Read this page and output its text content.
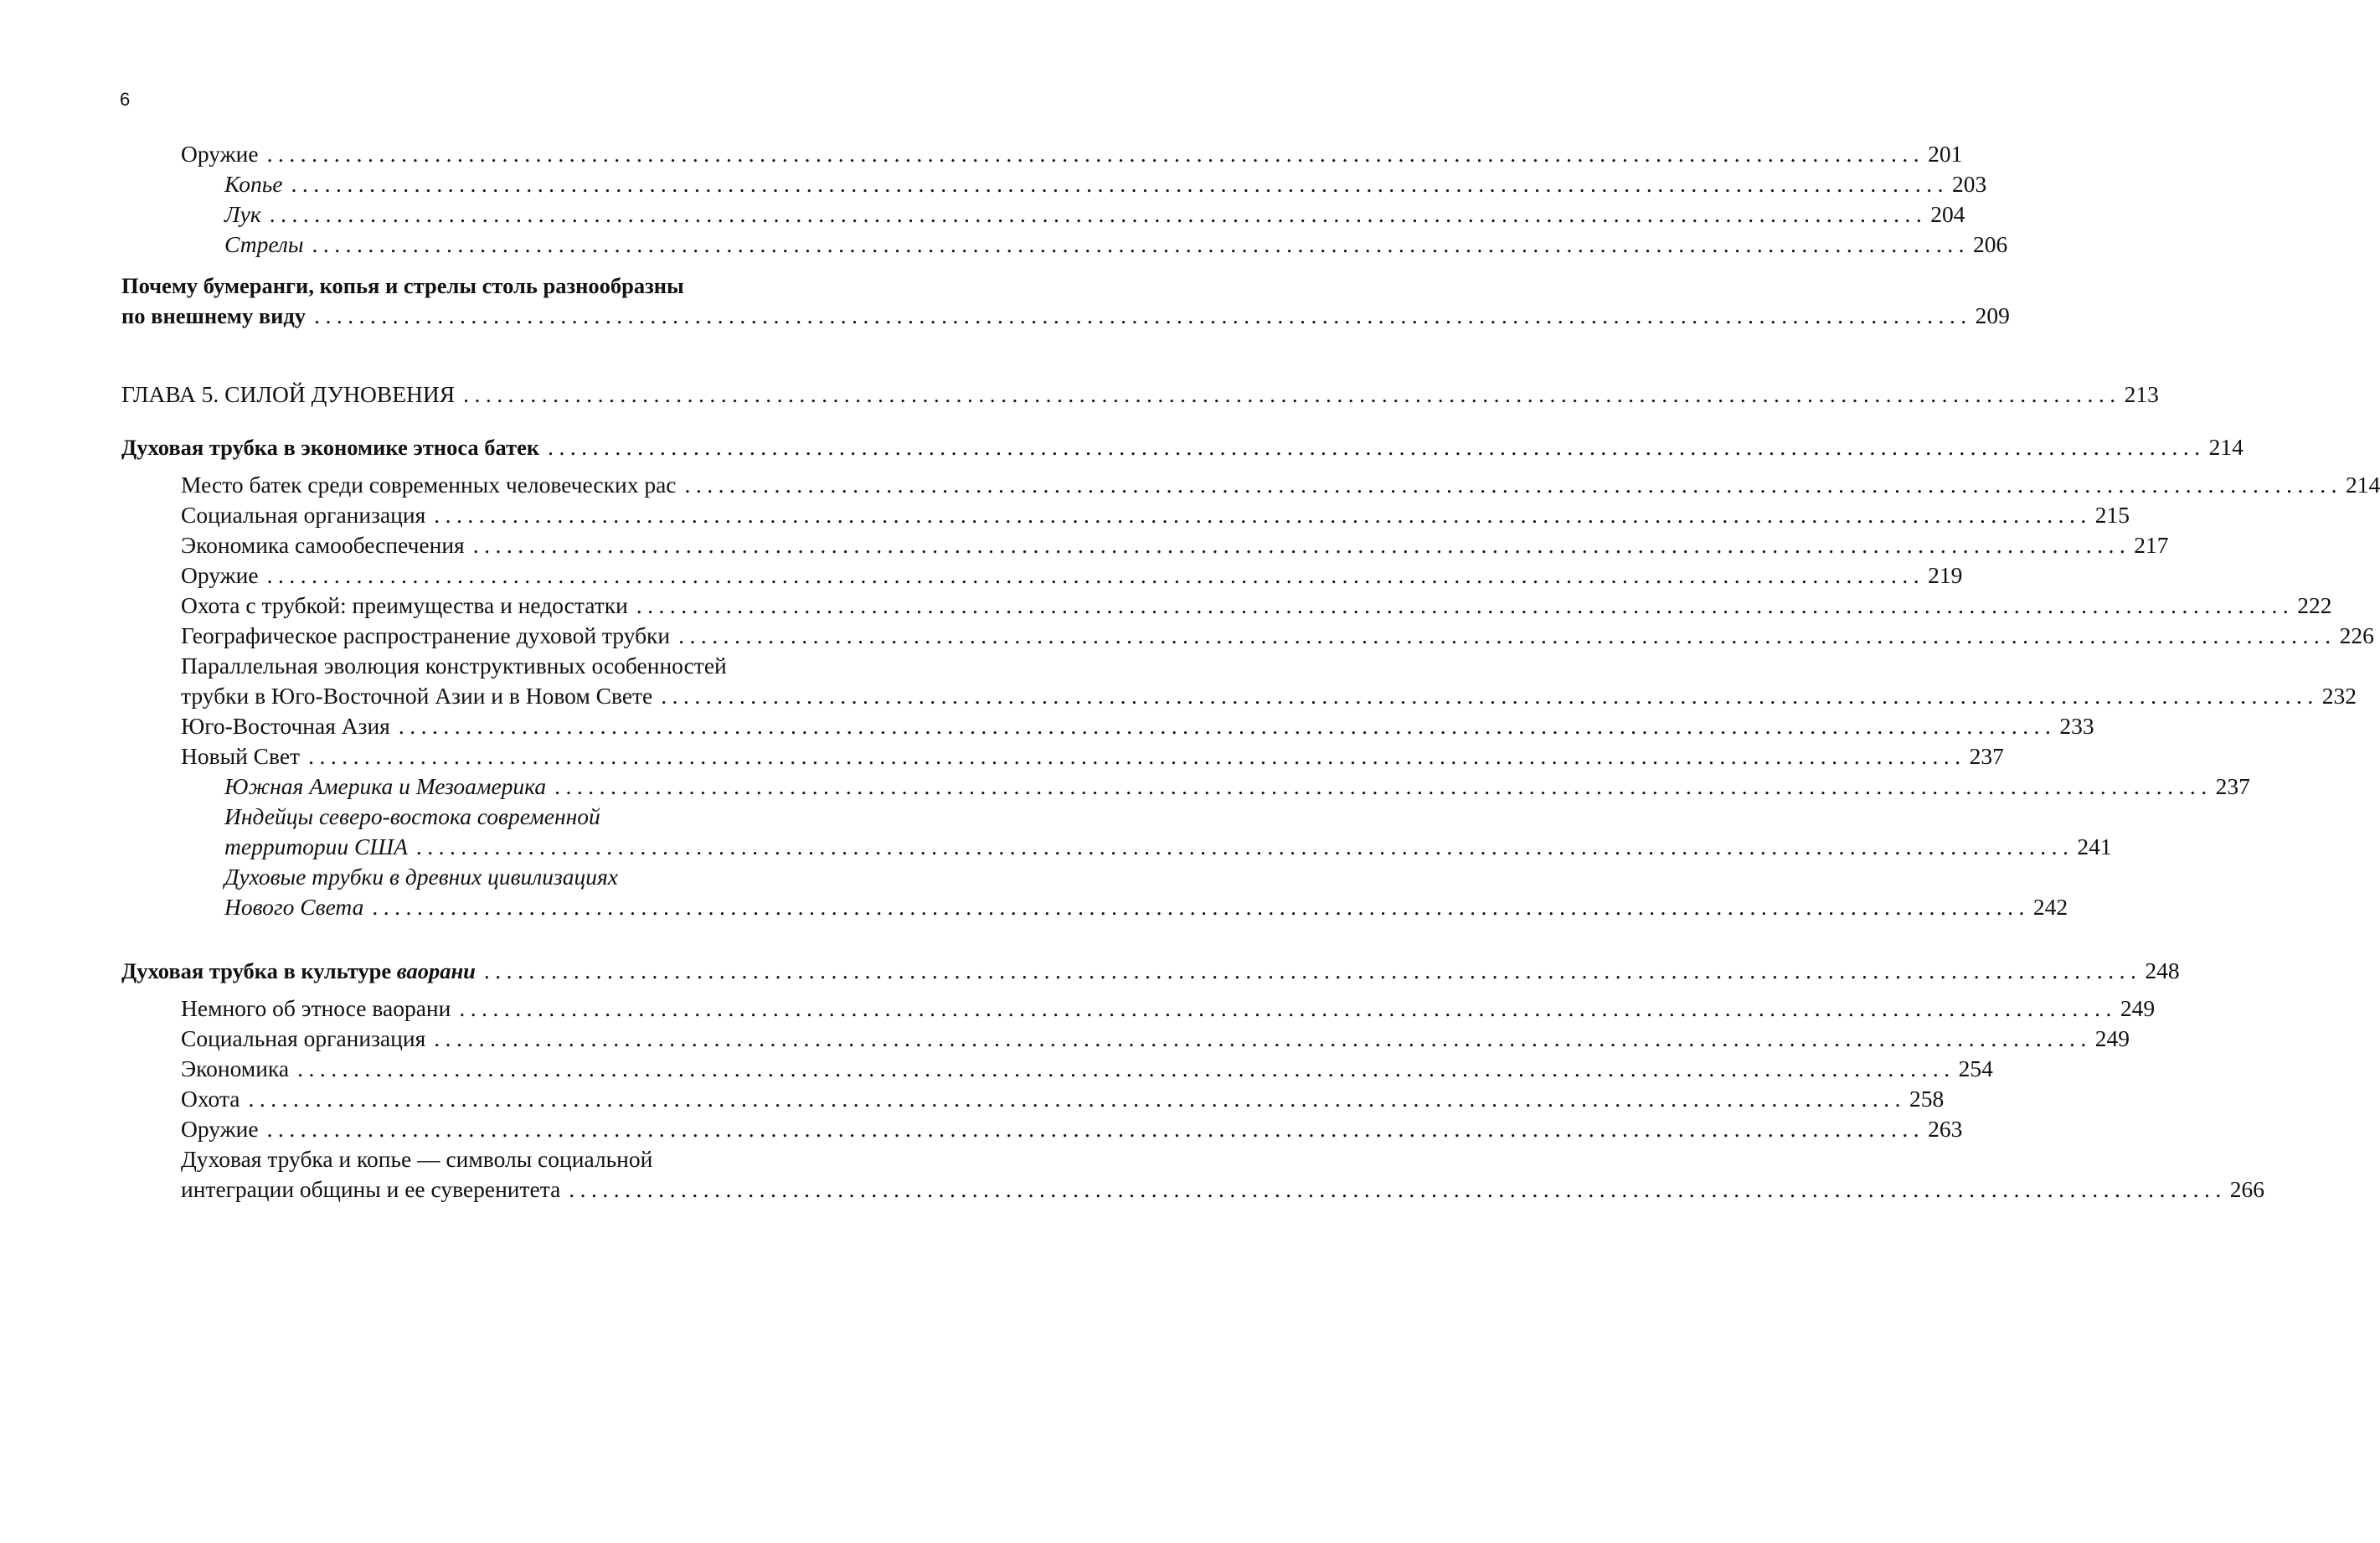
6
Оружие .................................................................................................................................................... 201
Копье .................................................................................................................................................... 203
Лук .................................................................................................................................................... 204
Стрелы .................................................................................................................................................... 206
Почему бумеранги, копья и стрелы столь разнообразны
по внешнему виду .................................................................................................................................................... 209
ГЛАВА 5. СИЛОЙ ДУНОВЕНИЯ .................................................................................................................................................... 213
Духовая трубка в экономике этноса батек .................................................................................................................................................... 214
Место батек среди современных человеческих рас .................................................................................................................................................... 214
Социальная организация .................................................................................................................................................... 215
Экономика самообеспечения .................................................................................................................................................... 217
Оружие .................................................................................................................................................... 219
Охота с трубкой: преимущества и недостатки .................................................................................................................................................... 222
Географическое распространение духовой трубки .................................................................................................................................................... 226
Параллельная эволюция конструктивных особенностей
трубки в Юго-Восточной Азии и в Новом Свете .................................................................................................................................................... 232
Юго-Восточная Азия .................................................................................................................................................... 233
Новый Свет .................................................................................................................................................... 237
Южная Америка и Мезоамерика .................................................................................................................................................... 237
Индейцы северо-востока современной
территории США .................................................................................................................................................... 241
Духовые трубки в древних цивилизациях
Нового Света .................................................................................................................................................... 242
Духовая трубка в культуре ваорани .................................................................................................................................................... 248
Немного об этносе ваорани .................................................................................................................................................... 249
Социальная организация .................................................................................................................................................... 249
Экономика .................................................................................................................................................... 254
Охота .................................................................................................................................................... 258
Оружие .................................................................................................................................................... 263
Духовая трубка и копье — символы социальной
интеграции общины и ее суверенитета .................................................................................................................................................... 266
